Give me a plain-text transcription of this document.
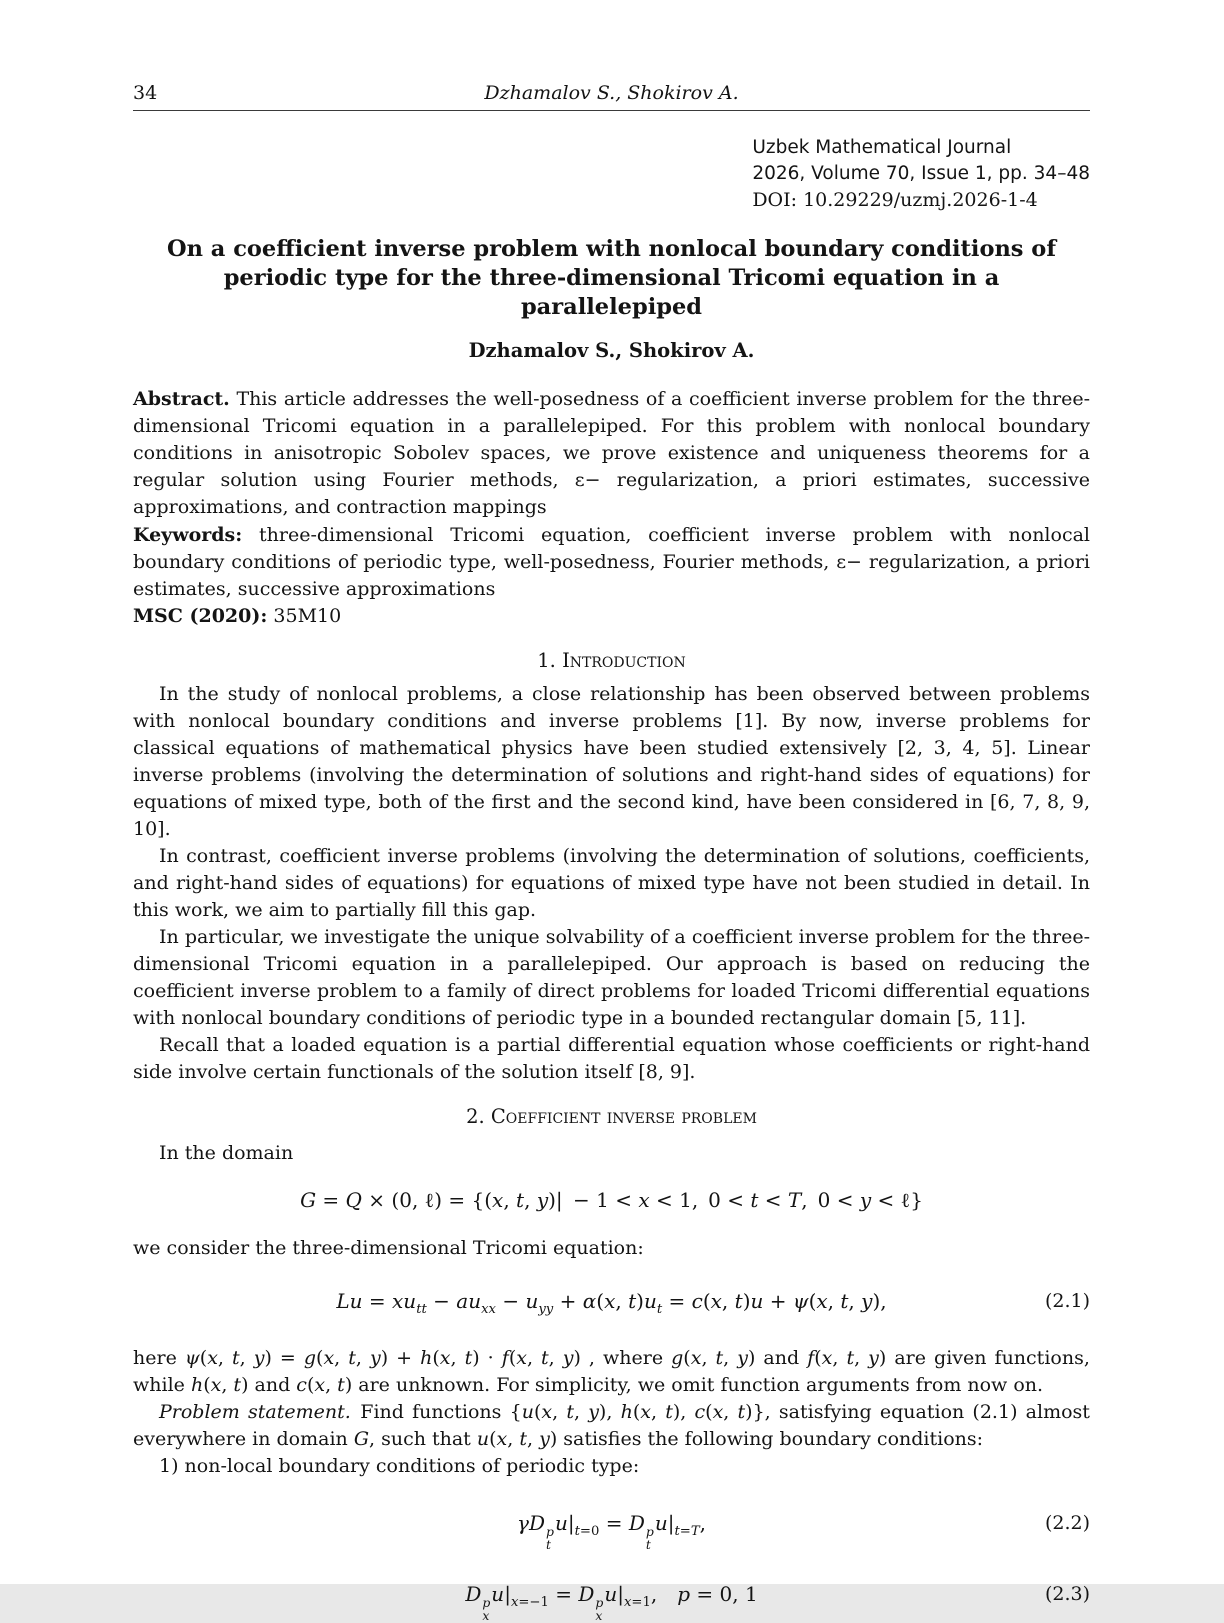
34	Dzhamalov S., Shokirov A.
Uzbek Mathematical Journal
2026, Volume 70, Issue 1, pp. 34–48
DOI: 10.29229/uzmj.2026-1-4
On a coefficient inverse problem with nonlocal boundary conditions of periodic type for the three-dimensional Tricomi equation in a parallelepiped
Dzhamalov S., Shokirov A.

Abstract. This article addresses the well-posedness of a coefficient inverse problem for the three-dimensional Tricomi equation in a parallelepiped. For this problem with nonlocal boundary conditions in anisotropic Sobolev spaces, we prove existence and uniqueness theorems for a regular solution using Fourier methods, ε− regularization, a priori estimates, successive approximations, and contraction mappings

Keywords: three-dimensional Tricomi equation, coefficient inverse problem with nonlocal boundary conditions of periodic type, well-posedness, Fourier methods, ε− regularization, a priori estimates, successive approximations

MSC (2020): 35M10

1. Introduction

In the study of nonlocal problems, a close relationship has been observed between problems with nonlocal boundary conditions and inverse problems [1]. By now, inverse problems for classical equations of mathematical physics have been studied extensively [2, 3, 4, 5]. Linear inverse problems (involving the determination of solutions and right-hand sides of equations) for equations of mixed type, both of the first and the second kind, have been considered in [6, 7, 8, 9, 10].

In contrast, coefficient inverse problems (involving the determination of solutions, coefficients, and right-hand sides of equations) for equations of mixed type have not been studied in detail. In this work, we aim to partially fill this gap.

In particular, we investigate the unique solvability of a coefficient inverse problem for the three-dimensional Tricomi equation in a parallelepiped. Our approach is based on reducing the coefficient inverse problem to a family of direct problems for loaded Tricomi differential equations with nonlocal boundary conditions of periodic type in a bounded rectangular domain [5, 11].

Recall that a loaded equation is a partial differential equation whose coefficients or right-hand side involve certain functionals of the solution itself [8, 9].

2. Coefficient inverse problem

In the domain

G = Q × (0, ℓ) = {(x, t, y)|  − 1 < x < 1, 0 < t < T, 0 < y < ℓ}

we consider the three-dimensional Tricomi equation:

$Lu = xu_{tt} - au_{xx} - u_{yy} + \alpha(x$, $t)u_t = c(x$, t)u + ψ(x, t, y),	(2.1)

here ψ(x, t, y) = g(x, t, y) + h(x, t) · f(x, t, y) , where g(x, t, y) and f(x, t, y) are given functions, while h(x, t) and c(x, t) are unknown. For simplicity, we omit function arguments from now on.

Problem statement. Find functions {u(x, t, y), h(x, t), c(x, t)}, satisfying equation (2.1) almost everywhere in domain G, such that u(x, t, y) satisfies the following boundary conditions:

1) non-local boundary conditions of periodic type:

γD p
t
$u|_{t=0} = D$ p
t
$u|_{t=T}$,	(2.2)
D p
x
$u|_{x=-1} = D$ p
x
$u|_{x=1}$, p = 0, 1	(2.3)
